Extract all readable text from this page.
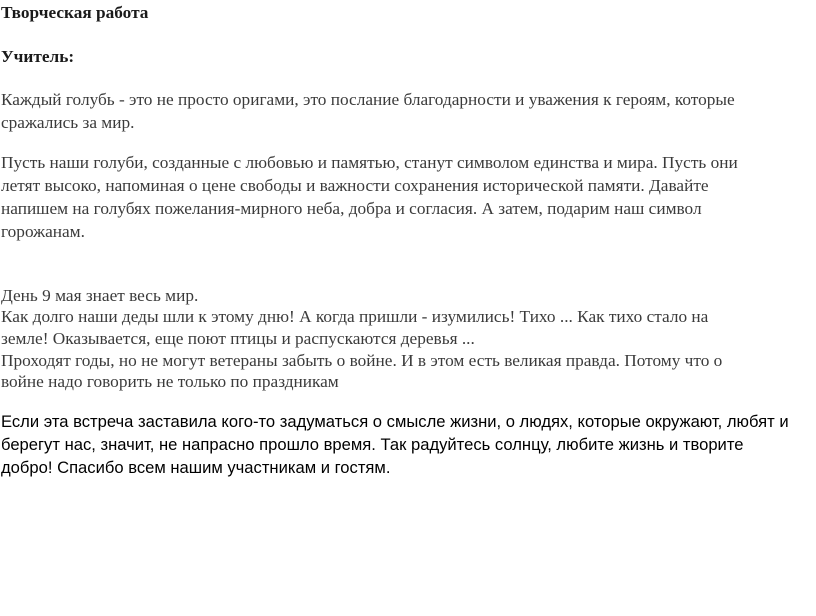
Творческая работа

Учитель:

Каждый голубь - это не просто оригами, это послание благодарности и уважения к героям, которые

сражались за мир.

Пусть наши голуби, созданные с любовью и памятью, станут символом единства и мира. Пусть они

летят высоко, напоминая о цене свободы и важности сохранения исторической памяти. Давайте

напишем на голубях пожелания-мирного неба, добра и согласия. А затем, подарим наш символ

горожанам.

День 9 мая знает весь мир.

Как долго наши деды шли к этому дню! А когда пришли - изумились! Тихо ... Как тихо стало на

земле! Оказывается, еще поют птицы и распускаются деревья ...

Проходят годы, но не могут ветераны забыть о войне. И в этом есть великая правда. Потому что о

войне надо говорить не только по праздникам

Если эта встреча заставила кого-то задуматься о смысле жизни, о людях, которые окружают, любят и

берегут нас, значит, не напрасно прошло время. Так радуйтесь солнцу, любите жизнь и творите

добро! Спасибо всем нашим участникам и гостям.
